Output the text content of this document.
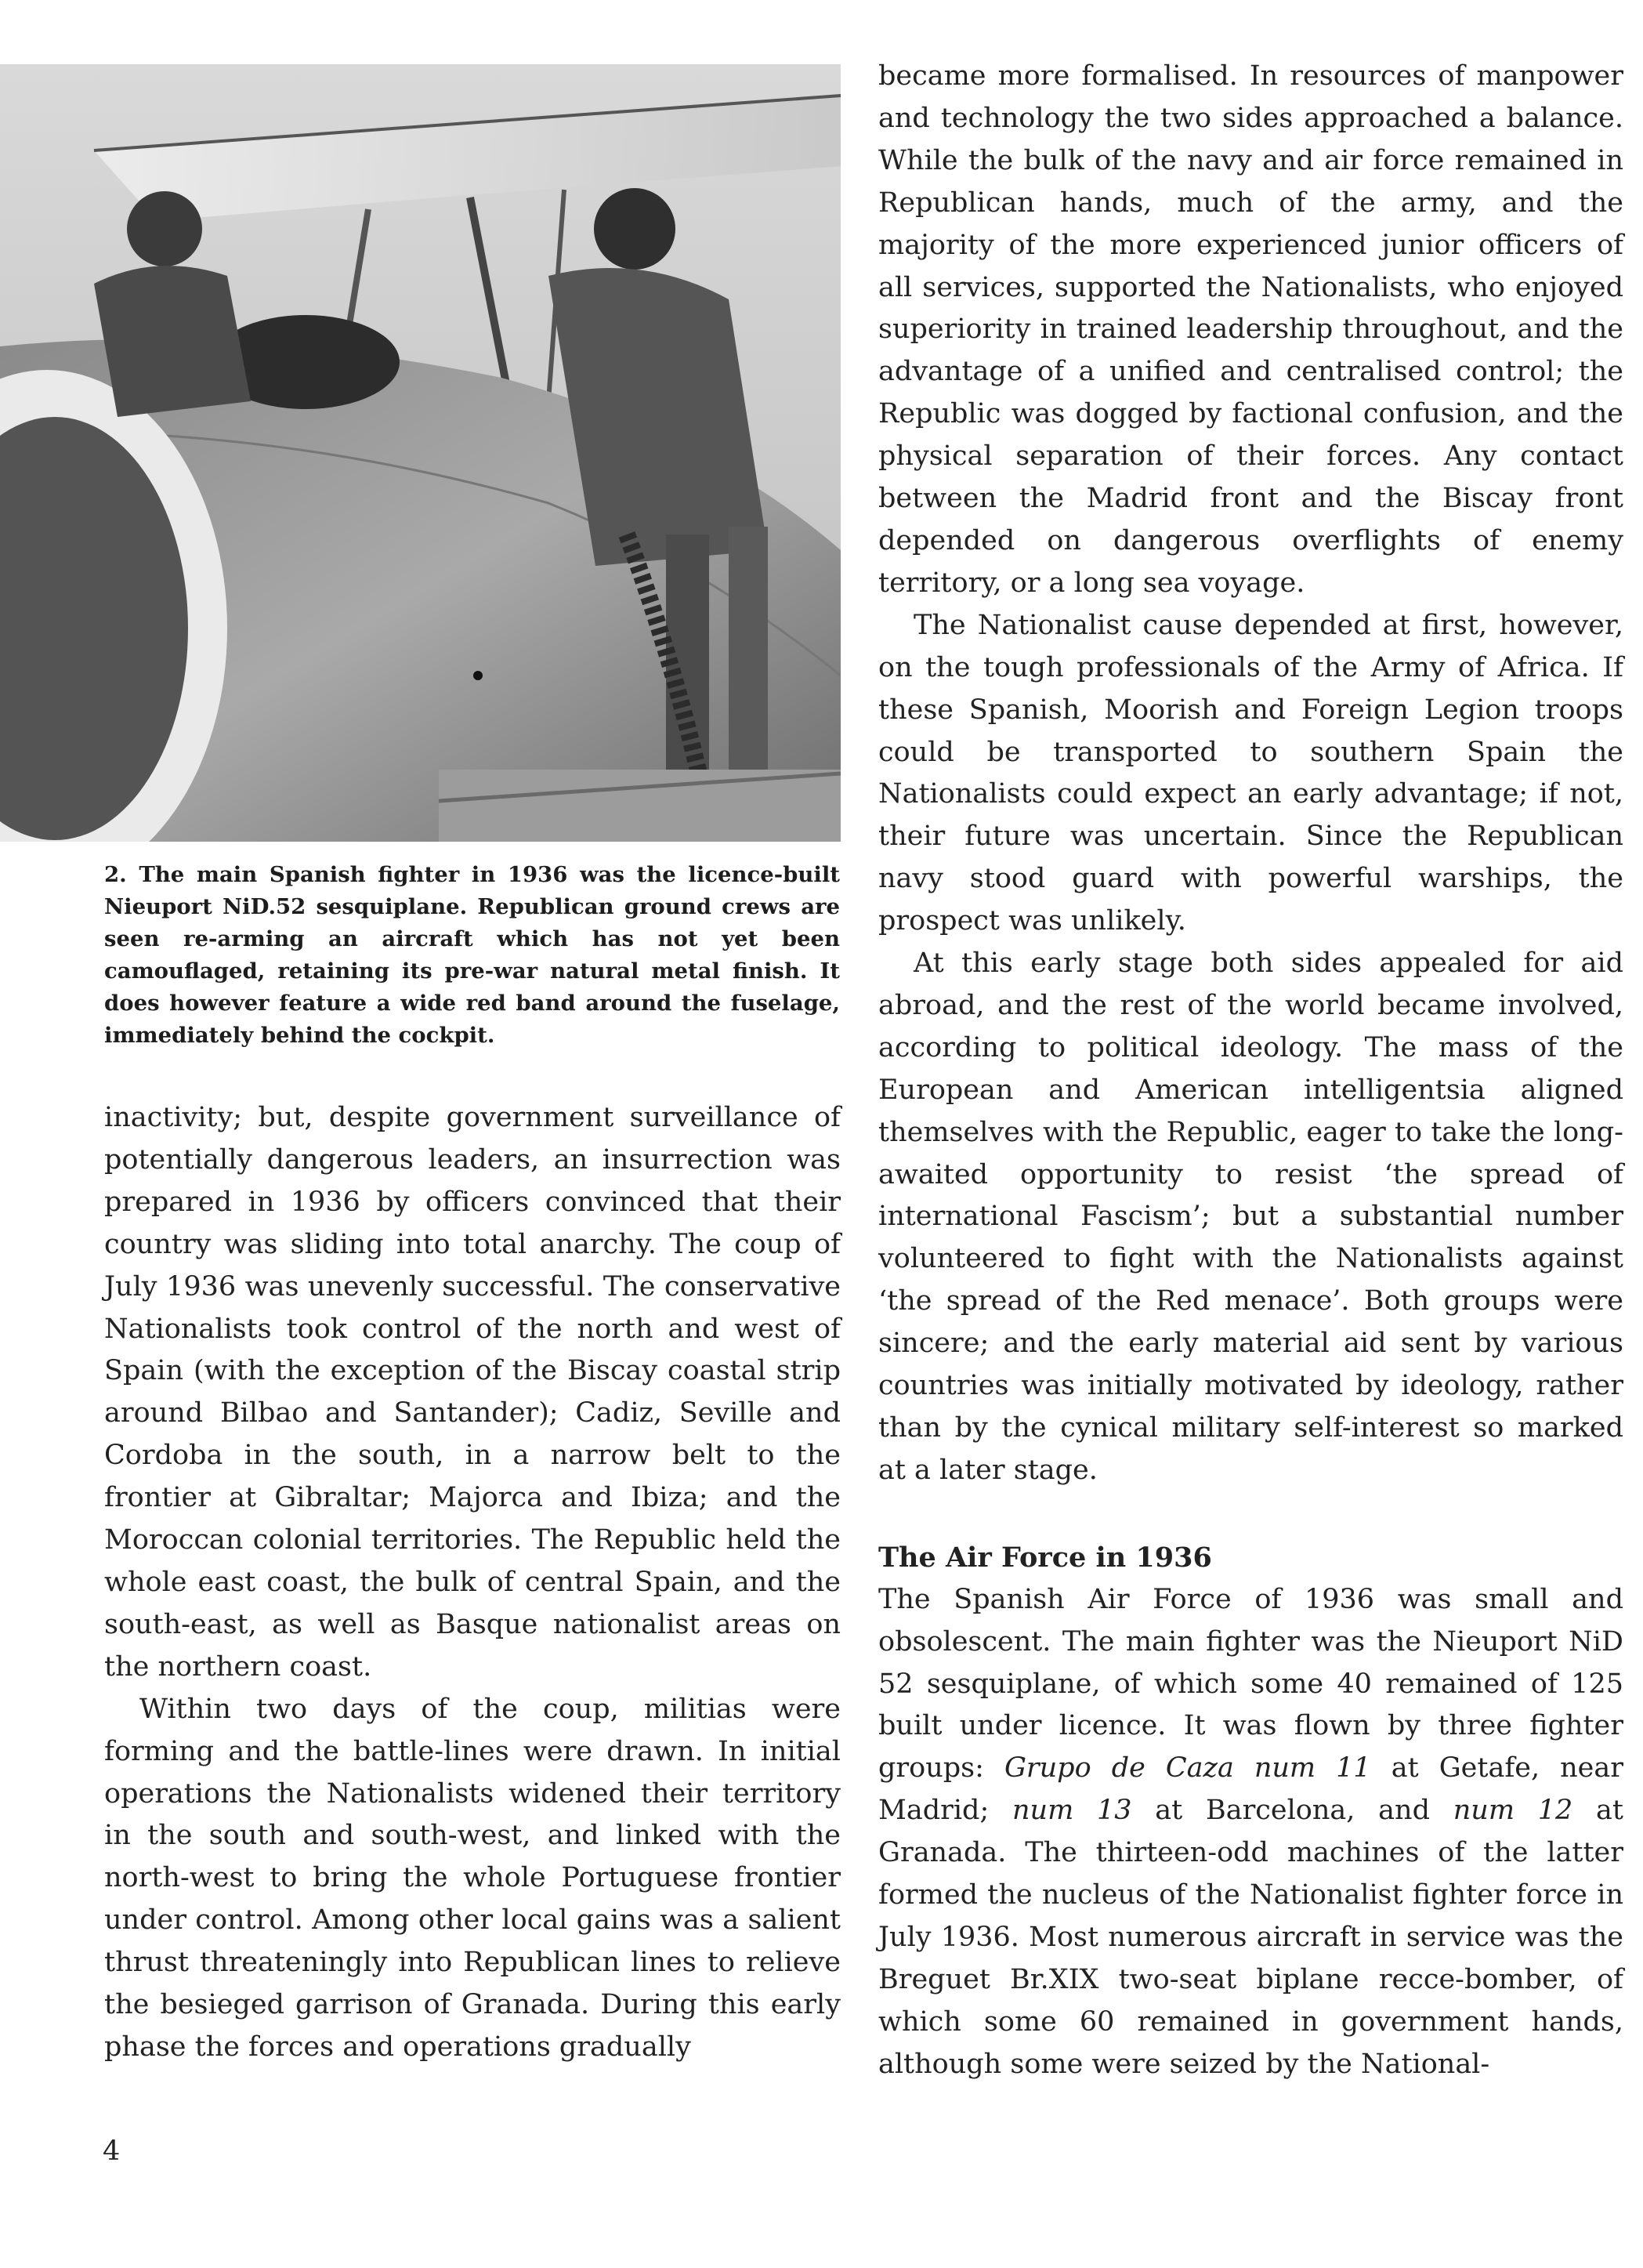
2. The main Spanish fighter in 1936 was the licence-built Nieuport NiD.52 sesquiplane. Republican ground crews are seen re-arming an aircraft which has not yet been camouflaged, retaining its pre-war natural metal finish. It does however feature a wide red band around the fuselage, immediately behind the cockpit.

inactivity; but, despite government surveillance of potentially dangerous leaders, an insurrection was prepared in 1936 by officers convinced that their country was sliding into total anarchy. The coup of July 1936 was unevenly successful. The conservative Nationalists took control of the north and west of Spain (with the exception of the Biscay coastal strip around Bilbao and Santander); Cadiz, Seville and Cordoba in the south, in a narrow belt to the frontier at Gibraltar; Majorca and Ibiza; and the Moroccan colonial territories. The Republic held the whole east coast, the bulk of central Spain, and the south-east, as well as Basque nationalist areas on the northern coast.

Within two days of the coup, militias were forming and the battle-lines were drawn. In initial operations the Nationalists widened their territory in the south and south-west, and linked with the north-west to bring the whole Portuguese frontier under control. Among other local gains was a salient thrust threateningly into Republican lines to relieve the besieged garrison of Granada. During this early phase the forces and operations gradually

became more formalised. In resources of manpower and technology the two sides approached a balance. While the bulk of the navy and air force remained in Republican hands, much of the army, and the majority of the more experienced junior officers of all services, supported the Nationalists, who enjoyed superiority in trained leadership throughout, and the advantage of a unified and centralised control; the Republic was dogged by factional confusion, and the physical separation of their forces. Any contact between the Madrid front and the Biscay front depended on dangerous overflights of enemy territory, or a long sea voyage.

The Nationalist cause depended at first, however, on the tough professionals of the Army of Africa. If these Spanish, Moorish and Foreign Legion troops could be transported to southern Spain the Nationalists could expect an early advantage; if not, their future was uncertain. Since the Republican navy stood guard with powerful warships, the prospect was unlikely.

At this early stage both sides appealed for aid abroad, and the rest of the world became involved, according to political ideology. The mass of the European and American intelligentsia aligned themselves with the Republic, eager to take the long-awaited opportunity to resist ‘the spread of international Fascism’; but a substantial number volunteered to fight with the Nationalists against ‘the spread of the Red menace’. Both groups were sincere; and the early material aid sent by various countries was initially motivated by ideology, rather than by the cynical military self-interest so marked at a later stage.

The Air Force in 1936

The Spanish Air Force of 1936 was small and obsolescent. The main fighter was the Nieuport NiD 52 sesquiplane, of which some 40 remained of 125 built under licence. It was flown by three fighter groups: Grupo de Caza num 11 at Getafe, near Madrid; num 13 at Barcelona, and num 12 at Granada. The thirteen-odd machines of the latter formed the nucleus of the Nationalist fighter force in July 1936. Most numerous aircraft in service was the Breguet Br.XIX two-seat biplane recce-bomber, of which some 60 remained in government hands, although some were seized by the National-

4
